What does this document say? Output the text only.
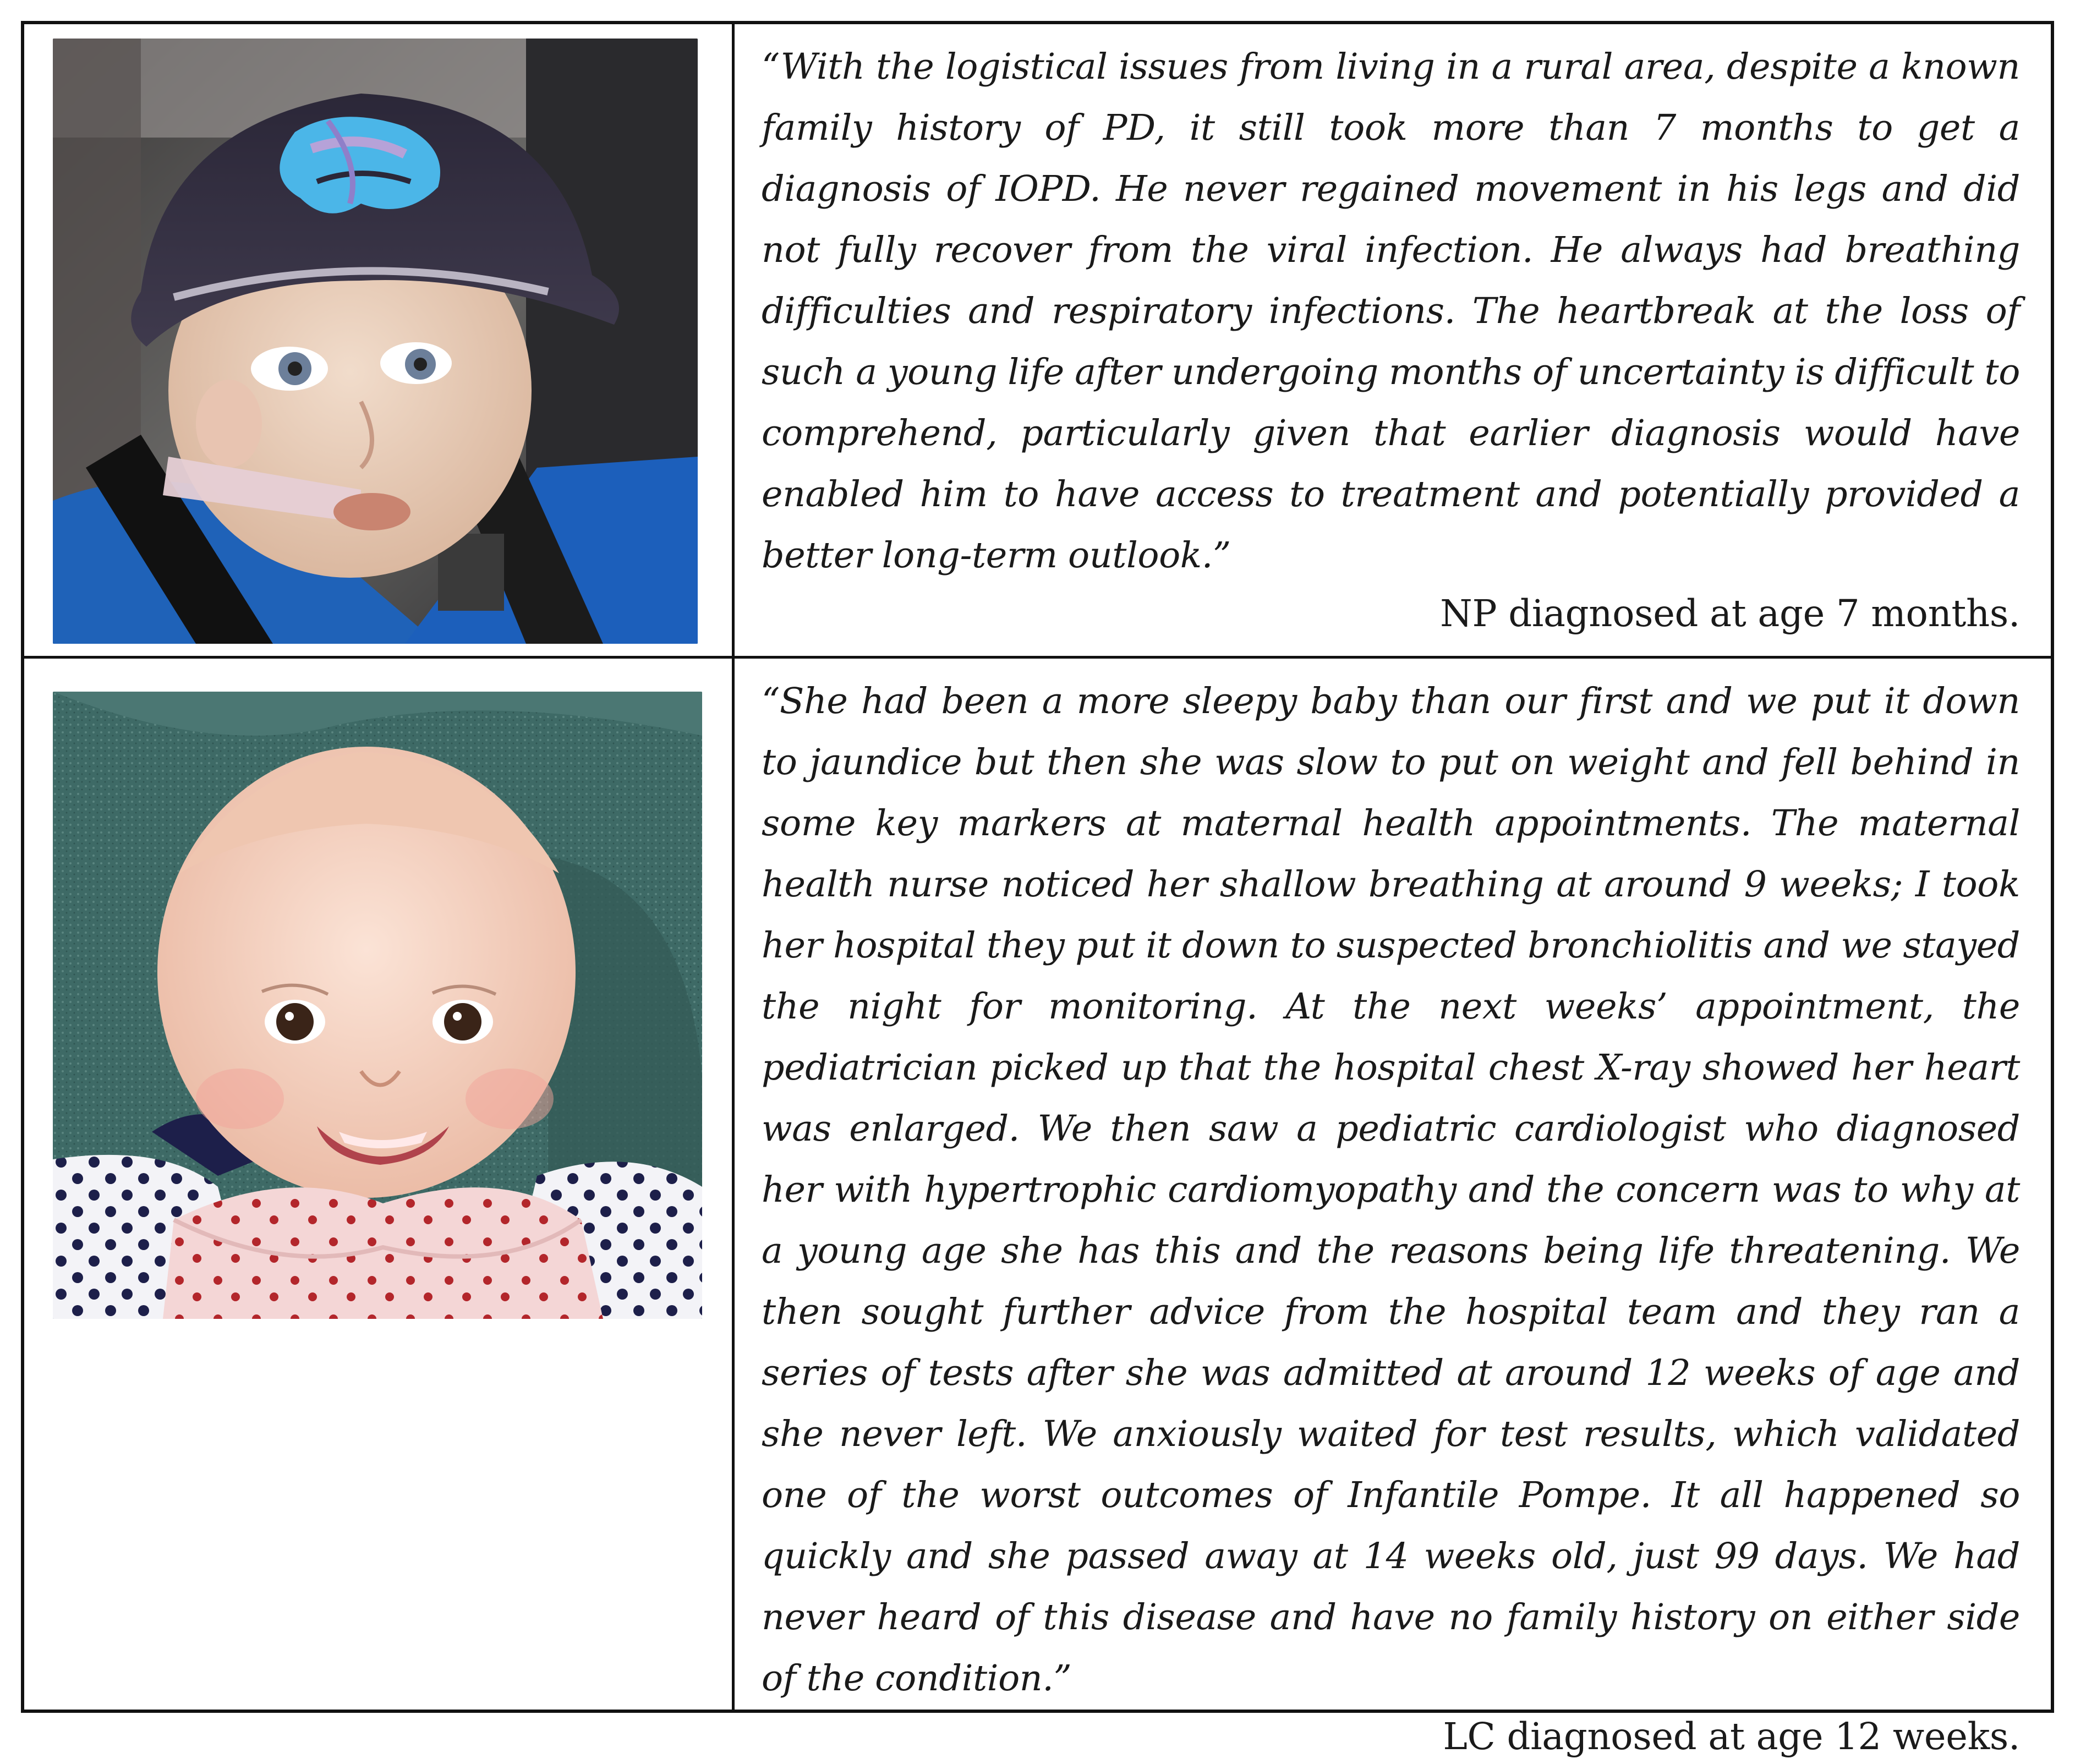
“With the logistical issues from living in a rural area, despite a known family history of PD, it still took more than 7 months to get a diagnosis of IOPD. He never regained movement in his legs and did not fully recover from the viral infection. He always had breathing difficulties and respiratory infections. The heartbreak at the loss of such a young life after undergoing months of uncertainty is difficult to comprehend, particularly given that earlier diagnosis would have enabled him to have access to treatment and potentially provided a better long-term outlook.”

NP diagnosed at age 7 months.

“She had been a more sleepy baby than our first and we put it down to jaundice but then she was slow to put on weight and fell behind in some key markers at maternal health appointments. The maternal health nurse noticed her shallow breathing at around 9 weeks; I took her hospital they put it down to suspected bronchiolitis and we stayed the night for monitoring. At the next weeks’ appointment, the pediatrician picked up that the hospital chest X-ray showed her heart was enlarged. We then saw a pediatric cardiologist who diagnosed her with hypertrophic cardiomyopathy and the concern was to why at a young age she has this and the reasons being life threatening. We then sought further advice from the hospital team and they ran a series of tests after she was admitted at around 12 weeks of age and she never left. We anxiously waited for test results, which validated one of the worst outcomes of Infantile Pompe. It all happened so quickly and she passed away at 14 weeks old, just 99 days. We had never heard of this disease and have no family history on either side of the condition.”

LC diagnosed at age 12 weeks.
